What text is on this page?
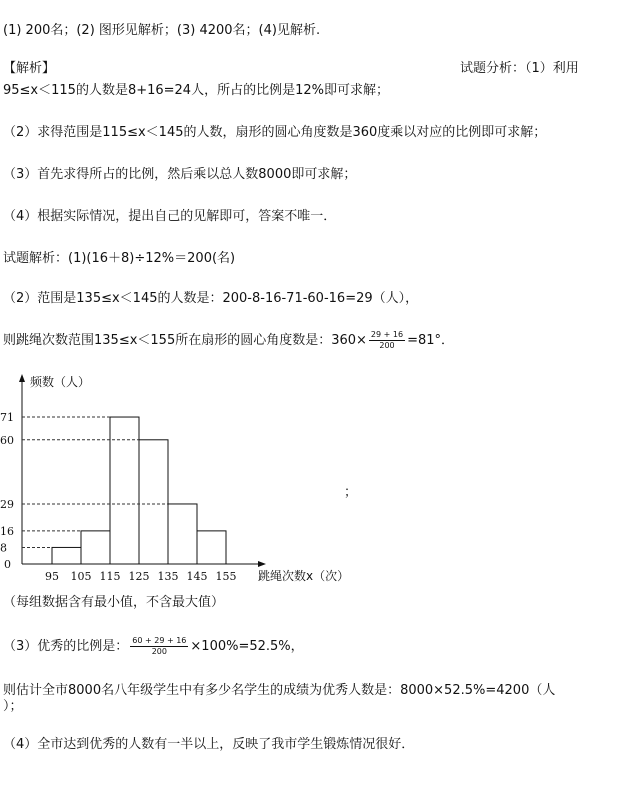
(1) 200名；(2) 图形见解析；(3) 4200名；(4)见解析.
【解析】	试题分析：（1）利用
95≤x＜115的人数是8+16=24人，所占的比例是12%即可求解；
（2）求得范围是115≤x＜145的人数，扇形的圆心角度数是360度乘以对应的比例即可求解；
（3）首先求得所占的比例，然后乘以总人数8000即可求解；
（4）根据实际情况，提出自己的见解即可，答案不唯一．
试题解析：(1)(16＋8)÷12%＝200(名)
（2）范围是135≤x＜145的人数是：200-8-16-71-60-16=29（人），
则跳绳次数范围135≤x＜155所在扇形的圆心角度数是：$360\times \frac{29 + 16}{200} =81^\circ$．
0
8
16
29
60
71
95 105 115 125 135 145 155
频数（人）
跳绳次数x（次）
；
（每组数据含有最小值，不含最大值）
（3）优秀的比例是： $\frac{60 + 29 + 16}{200} \times 100\%=52.5\%$，
则估计全市8000名八年级学生中有多少名学生的成绩为优秀人数是：8000×52.5%=4200（人
）；
（4）全市达到优秀的人数有一半以上，反映了我市学生锻炼情况很好．
